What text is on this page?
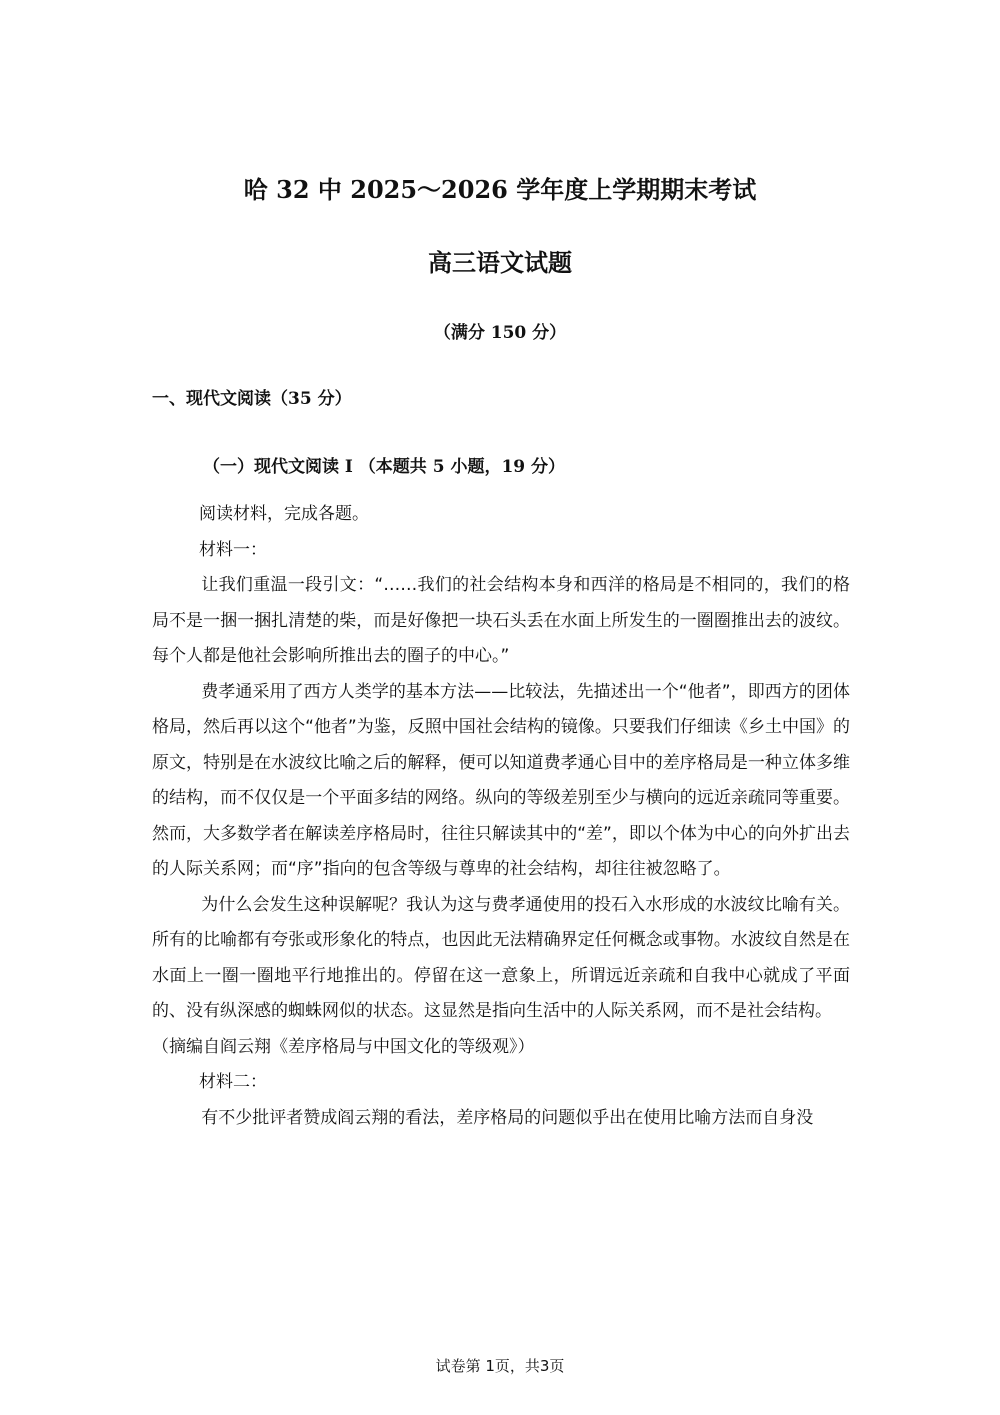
哈 32 中 2025～2026 学年度上学期期末考试
高三语文试题
（满分 150 分）
一、现代文阅读（35 分）
（一）现代文阅读 I （本题共 5 小题，19 分）

阅读材料，完成各题。

材料一：

让我们重温一段引文：“……我们的社会结构本身和西洋的格局是不相同的，我们的格局不是一捆一捆扎清楚的柴，而是好像把一块石头丢在水面上所发生的一圈圈推出去的波纹。每个人都是他社会影响所推出去的圈子的中心。”

费孝通采用了西方人类学的基本方法——比较法，先描述出一个“他者”，即西方的团体格局，然后再以这个“他者”为鉴，反照中国社会结构的镜像。只要我们仔细读《乡土中国》的原文，特别是在水波纹比喻之后的解释，便可以知道费孝通心目中的差序格局是一种立体多维的结构，而不仅仅是一个平面多结的网络。纵向的等级差别至少与横向的远近亲疏同等重要。然而，大多数学者在解读差序格局时，往往只解读其中的“差”，即以个体为中心的向外扩出去的人际关系网；而“序”指向的包含等级与尊卑的社会结构，却往往被忽略了。

为什么会发生这种误解呢？我认为这与费孝通使用的投石入水形成的水波纹比喻有关。所有的比喻都有夸张或形象化的特点，也因此无法精确界定任何概念或事物。水波纹自然是在水面上一圈一圈地平行地推出的。停留在这一意象上，所谓远近亲疏和自我中心就成了平面的、没有纵深感的蜘蛛网似的状态。这显然是指向生活中的人际关系网，而不是社会结构。

（摘编自阎云翔《差序格局与中国文化的等级观》）

材料二：

有不少批评者赞成阎云翔的看法，差序格局的问题似乎出在使用比喻方法而自身没

试卷第 1页，共3页
